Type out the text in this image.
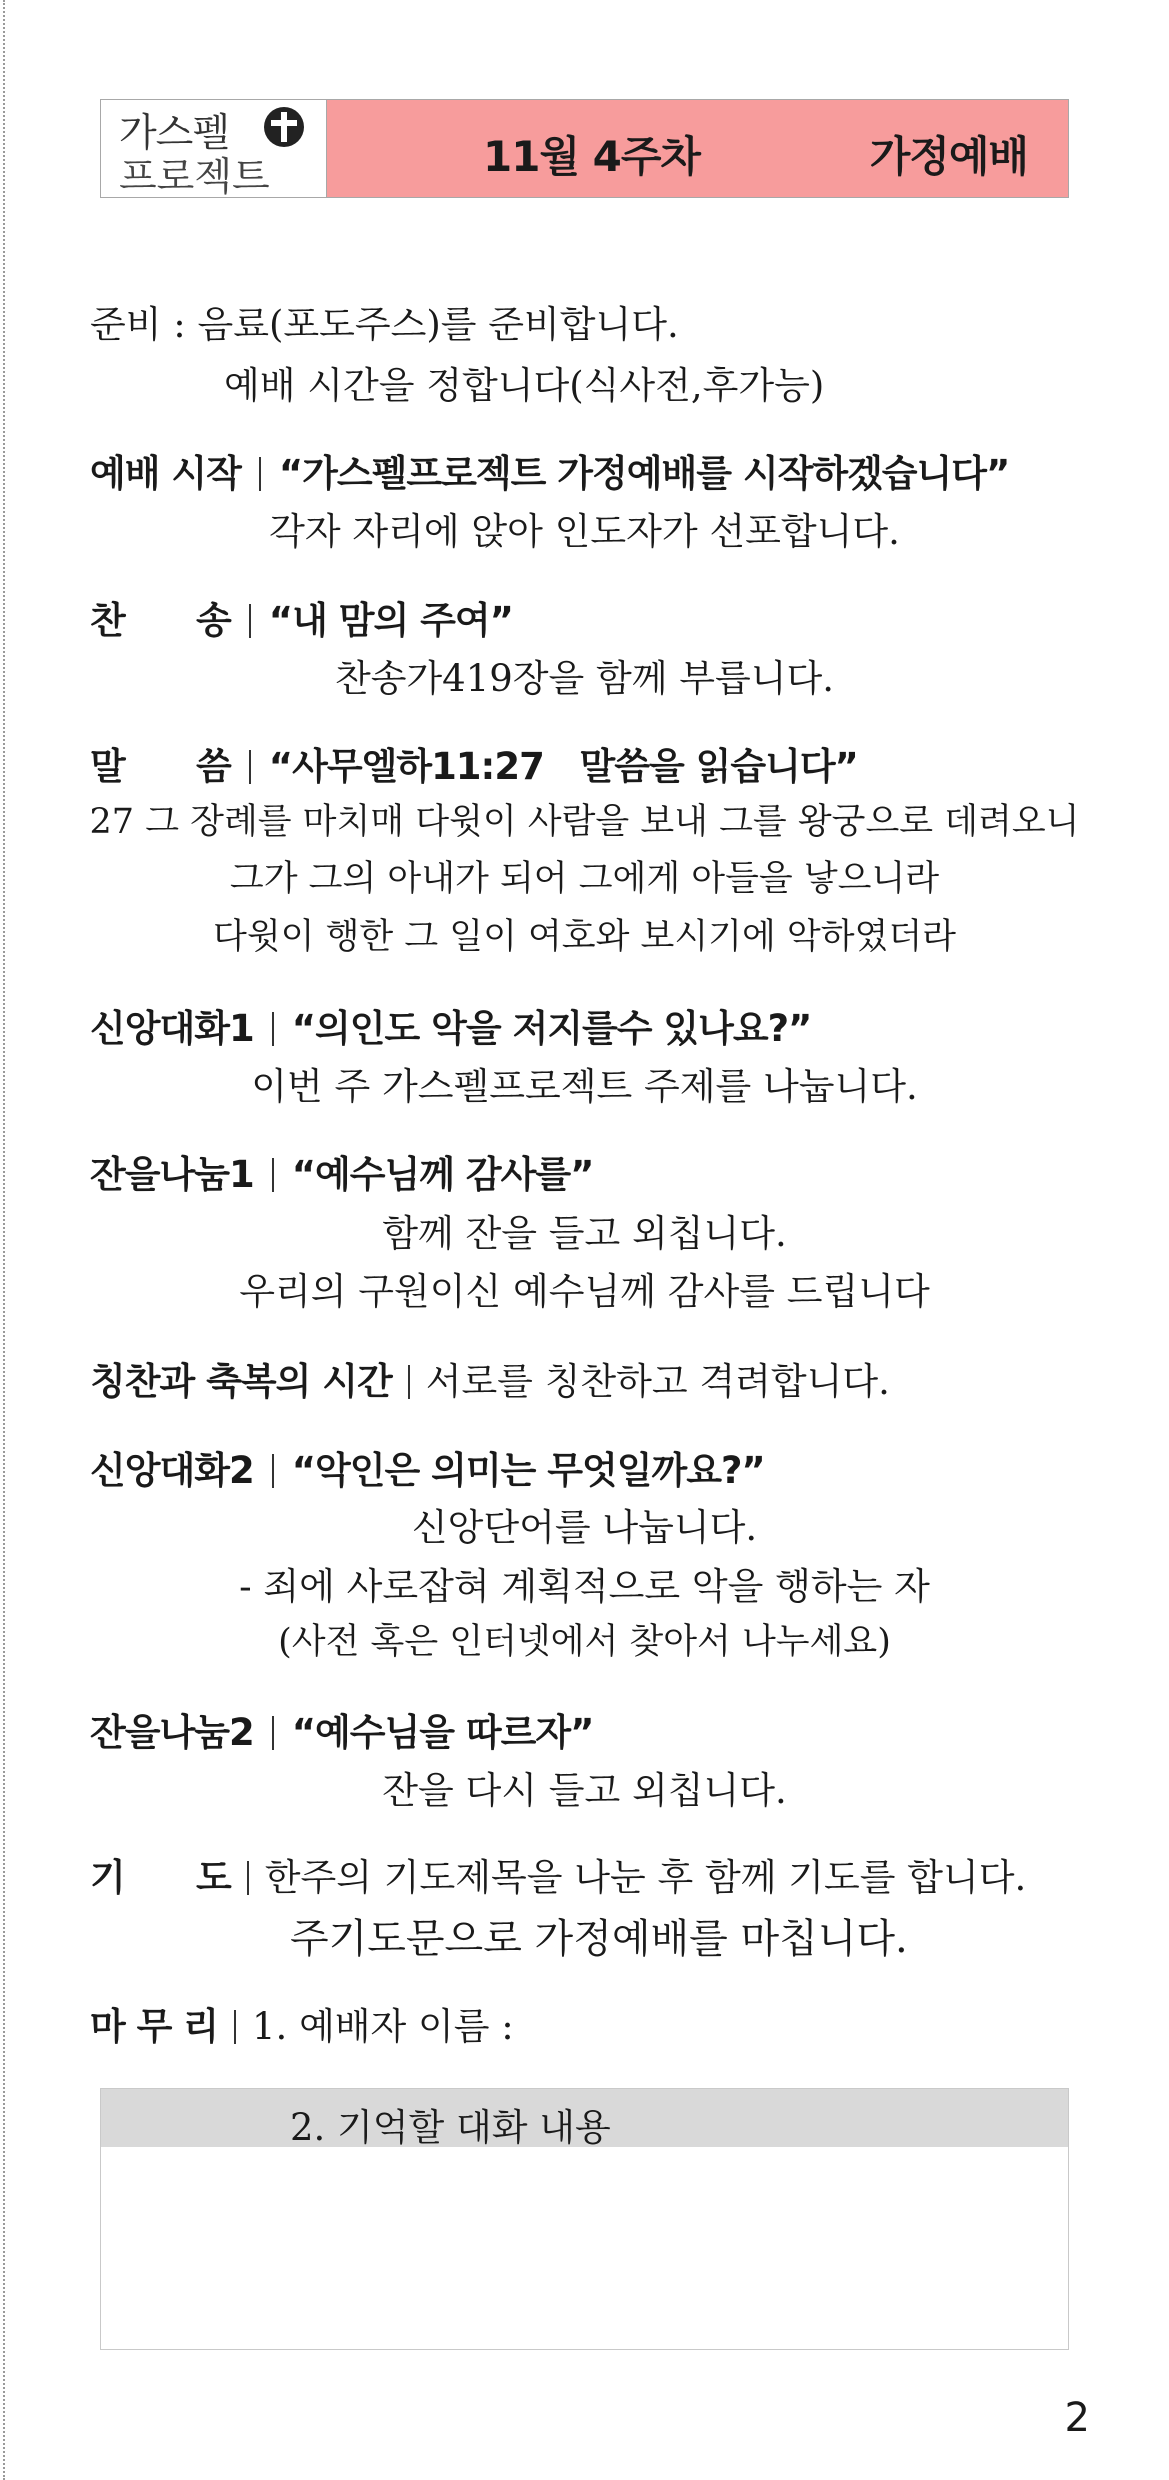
가스펠
프로젝트	11월 4주차	가정예배
준비 : 음료(포도주스)를 준비합니다.
예배 시간을 정합니다(식사전,후가능)
예배 시작 “가스펠프로젝트 가정예배를 시작하겠습니다”
각자 자리에 앉아 인도자가 선포합니다.
찬      송 “내 맘의 주여”
찬송가419장을 함께 부릅니다.
말      씀 “사무엘하11:27   말씀을 읽습니다”
27 그 장례를 마치매 다윗이 사람을 보내 그를 왕궁으로 데려오니
그가 그의 아내가 되어 그에게 아들을 낳으니라
다윗이 행한 그 일이 여호와 보시기에 악하였더라
신앙대화1 “의인도 악을 저지를수 있나요?”
이번 주 가스펠프로젝트 주제를 나눕니다.
잔을나눔1 “예수님께 감사를”
함께 잔을 들고 외칩니다.
우리의 구원이신 예수님께 감사를 드립니다
칭찬과 축복의 시간 서로를 칭찬하고 격려합니다.
신앙대화2 “악인은 의미는 무엇일까요?”
신앙단어를 나눕니다.
- 죄에 사로잡혀 계획적으로 악을 행하는 자
(사전 혹은 인터넷에서 찾아서 나누세요)
잔을나눔2 “예수님을 따르자”
잔을 다시 들고 외칩니다.
기      도 한주의 기도제목을 나눈 후 함께 기도를 합니다.
주기도문으로 가정예배를 마칩니다.
마 무 리 1. 예배자 이름 :
2. 기억할 대화 내용
2
